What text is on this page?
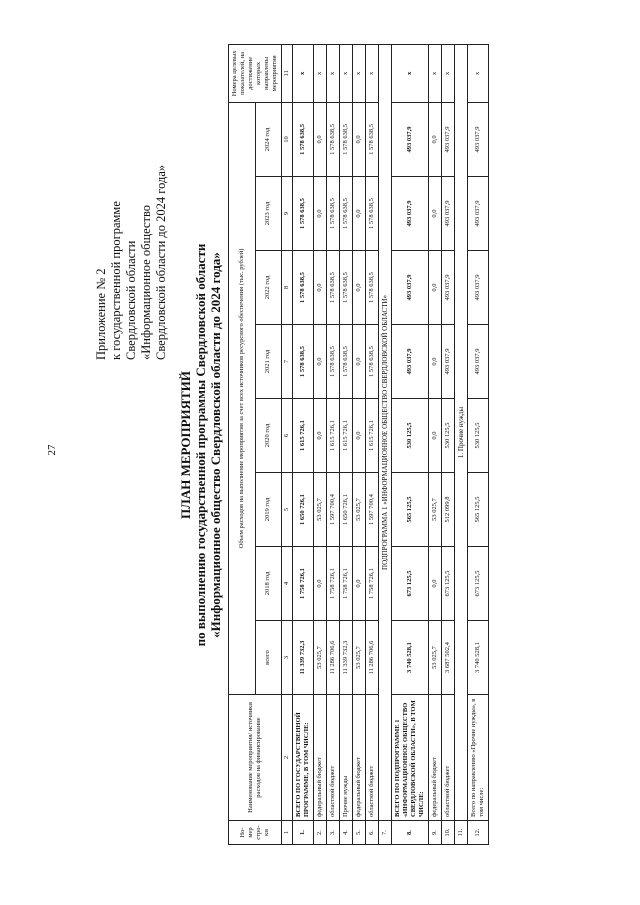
27
Приложение № 2 к государственной программе Свердловской области «Информационное общество Свердловской области до 2024 года»
ПЛАН МЕРОПРИЯТИЙ по выполнению государственной программы Свердловской области «Информационное общество Свердловской области до 2024 года»
Но-мер стро-ки	Наименование мероприятия/ источники расходов на финансирование	Объем расходов на выполнение мероприятия за счет всех источников ресурсного обеспечения (тыс. рублей)								Номера целевых показателей, на достижение которых направлены мероприятия
		всего	2018 год	2019 год	2020 год	2021 год	2022 год	2023 год	2024 год	
1	2	3	4	5	6	7	8	9	10	11
1.	ВСЕГО ПО ГОСУДАРСТВЕННОЙ ПРОГРАММЕ, В ТОМ ЧИСЛЕ:	11 339 732,3	1 758 726,1	1 650 726,1	1 615 726,1	1 578 638,5	1 578 638,5	1 578 638,5	1 578 638,5	х
2.	федеральный бюджет	53 025,7	0,0	53 025,7	0,0	0,0	0,0	0,0	0,0	х
3.	областной бюджет	11 286 706,6	1 758 726,1	1 597 700,4	1 615 726,1	1 578 638,5	1 578 638,5	1 578 638,5	1 578 638,5	х
4.	Прочие нужды	11 339 732,3	1 758 726,1	1 650 726,1	1 615 726,1	1 578 638,5	1 578 638,5	1 578 638,5	1 578 638,5	х
5.	федеральный бюджет	53 025,7	0,0	53 025,7	0,0	0,0	0,0	0,0	0,0	х
6.	областной бюджет	11 286 706,6	1 758 726,1	1 597 700,4	1 615 726,1	1 578 638,5	1 578 638,5	1 578 638,5	1 578 638,5	х
7.	ПОДПРОГРАММА 1 «ИНФОРМАЦИОННОЕ ОБЩЕСТВО СВЕРДЛОВСКОЙ ОБЛАСТИ»									
8.	ВСЕГО ПО ПОДПРОГРАММЕ 1 «ИНФОРМАЦИОННОЕ ОБЩЕСТВО СВЕРДЛОВСКОЙ ОБЛАСТИ», В ТОМ ЧИСЛЕ:	3 740 528,1	673 125,5	565 125,5	530 125,5	493 037,9	493 037,9	493 037,9	493 037,9	х
9.	федеральный бюджет	53 025,7	0,0	53 025,7	0,0	0,0	0,0	0,0	0,0	х
10.	областной бюджет	3 687 502,4	673 125,5	512 099,8	530 125,5	493 037,9	493 037,9	493 037,9	493 037,9	х
11.	1. Прочие нужды									
12.	Всего по направлению «Прочие нужды», в том числе:	3 740 528,1	673 125,5	565 125,5	530 125,5	493 037,9	493 037,9	493 037,9	493 037,9	х
